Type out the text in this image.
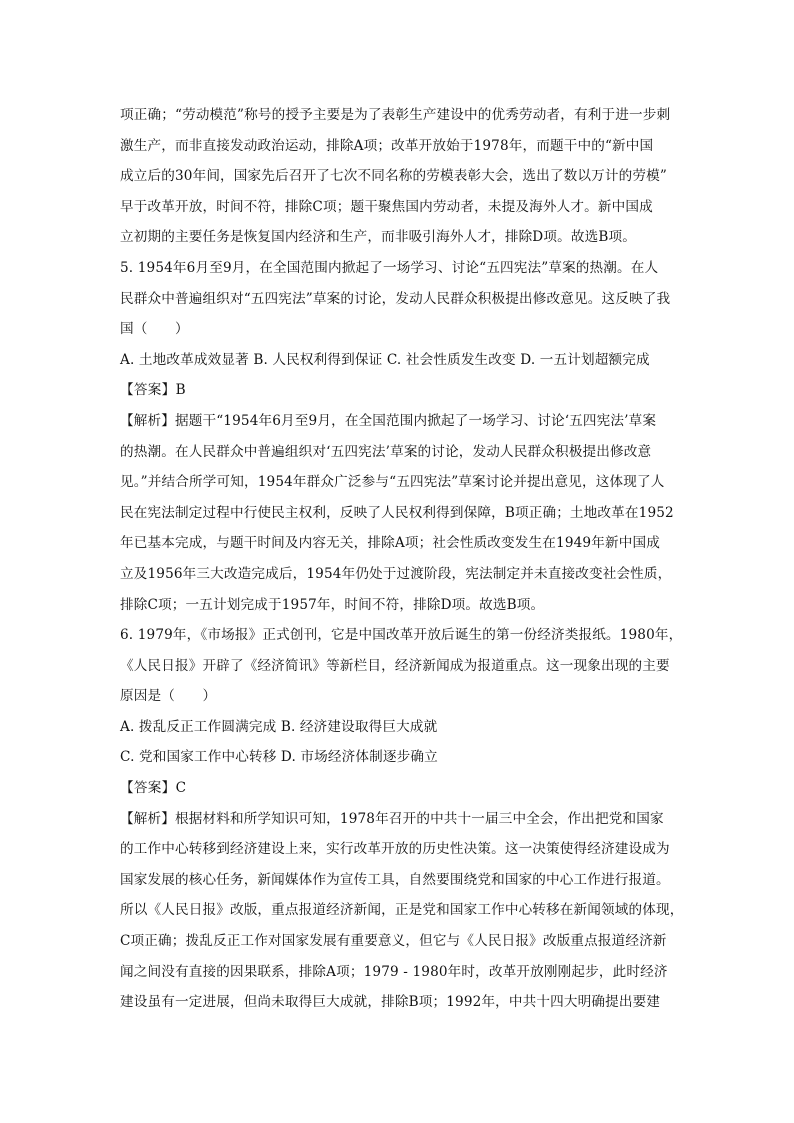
项正确；“劳动模范”称号的授予主要是为了表彰生产建设中的优秀劳动者，有利于进一步刺
激生产，而非直接发动政治运动，排除A项；改革开放始于1978年，而题干中的“新中国
成立后的30年间，国家先后召开了七次不同名称的劳模表彰大会，选出了数以万计的劳模”
早于改革开放，时间不符，排除C项；题干聚焦国内劳动者，未提及海外人才。新中国成
立初期的主要任务是恢复国内经济和生产，而非吸引海外人才，排除D项。故选B项。
5. 1954年6月至9月，在全国范围内掀起了一场学习、讨论“五四宪法”草案的热潮。在人
民群众中普遍组织对“五四宪法”草案的讨论，发动人民群众积极提出修改意见。这反映了我
国（　　）
A. 土地改革成效显著 B. 人民权利得到保证 C. 社会性质发生改变 D. 一五计划超额完成
【答案】B
【解析】据题干“1954年6月至9月，在全国范围内掀起了一场学习、讨论‘五四宪法’草案
的热潮。在人民群众中普遍组织对‘五四宪法’草案的讨论，发动人民群众积极提出修改意
见。”并结合所学可知，1954年群众广泛参与“五四宪法”草案讨论并提出意见，这体现了人
民在宪法制定过程中行使民主权利，反映了人民权利得到保障，B项正确；土地改革在1952
年已基本完成，与题干时间及内容无关，排除A项；社会性质改变发生在1949年新中国成
立及1956年三大改造完成后，1954年仍处于过渡阶段，宪法制定并未直接改变社会性质，
排除C项；一五计划完成于1957年，时间不符，排除D项。故选B项。
6. 1979年，《市场报》正式创刊，它是中国改革开放后诞生的第一份经济类报纸。1980年，
《人民日报》开辟了《经济简讯》等新栏目，经济新闻成为报道重点。这一现象出现的主要
原因是（　　）
A. 拨乱反正工作圆满完成 B. 经济建设取得巨大成就
C. 党和国家工作中心转移 D. 市场经济体制逐步确立
【答案】C
【解析】根据材料和所学知识可知，1978年召开的中共十一届三中全会，作出把党和国家
的工作中心转移到经济建设上来，实行改革开放的历史性决策。这一决策使得经济建设成为
国家发展的核心任务，新闻媒体作为宣传工具，自然要围绕党和国家的中心工作进行报道。
所以《人民日报》改版，重点报道经济新闻，正是党和国家工作中心转移在新闻领域的体现，
C项正确；拨乱反正工作对国家发展有重要意义，但它与《人民日报》改版重点报道经济新
闻之间没有直接的因果联系，排除A项；1979 - 1980年时，改革开放刚刚起步，此时经济
建设虽有一定进展，但尚未取得巨大成就，排除B项；1992年，中共十四大明确提出要建
